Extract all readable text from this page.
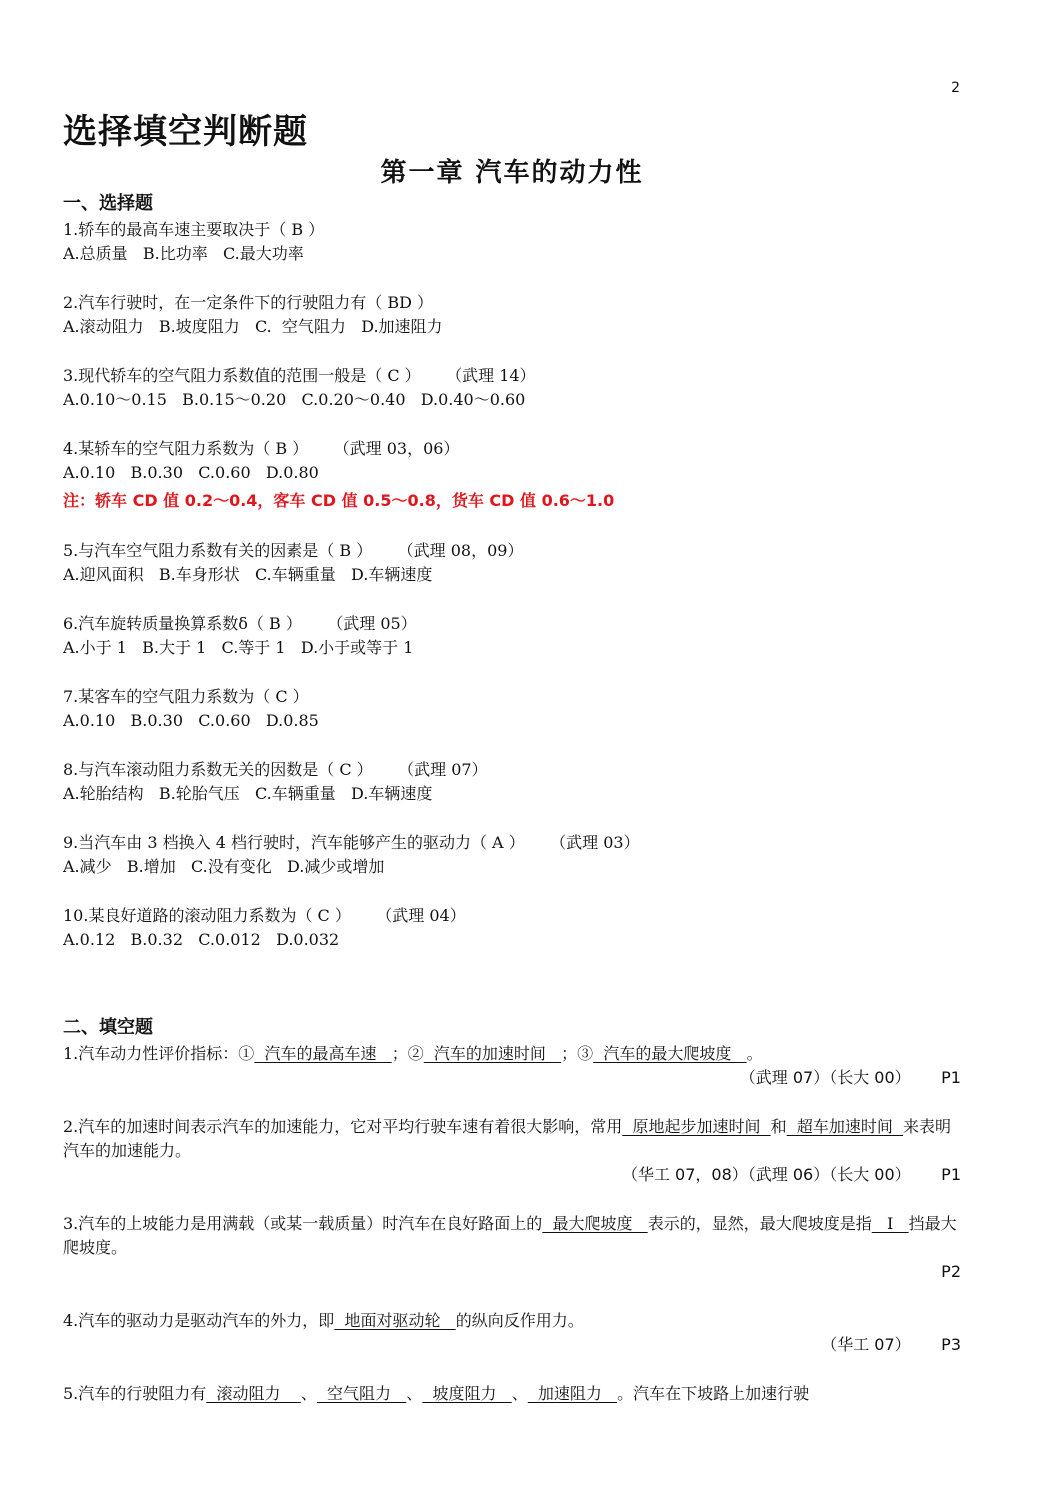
2
选择填空判断题
第一章 汽车的动力性
一、选择题

1.轿车的最高车速主要取决于（ B ）

A.总质量   B.比功率   C.最大功率

2.汽车行驶时，在一定条件下的行驶阻力有（ BD ）

A.滚动阻力   B.坡度阻力   C.  空气阻力   D.加速阻力

3.现代轿车的空气阻力系数值的范围一般是（ C ）     （武理 14）

A.0.10～0.15   B.0.15～0.20   C.0.20～0.40   D.0.40～0.60

4.某轿车的空气阻力系数为（ B ）     （武理 03，06）

A.0.10   B.0.30   C.0.60   D.0.80

注：轿车 CD 值 0.2～0.4，客车 CD 值 0.5～0.8，货车 CD 值 0.6～1.0

5.与汽车空气阻力系数有关的因素是（ B ）     （武理 08，09）

A.迎风面积   B.车身形状   C.车辆重量   D.车辆速度

6.汽车旋转质量换算系数δ（ B ）     （武理 05）

A.小于 1   B.大于 1   C.等于 1   D.小于或等于 1

7.某客车的空气阻力系数为（ C ）

A.0.10   B.0.30   C.0.60   D.0.85

8.与汽车滚动阻力系数无关的因数是（ C ）     （武理 07）

A.轮胎结构   B.轮胎气压   C.车辆重量   D.车辆速度

9.当汽车由 3 档换入 4 档行驶时，汽车能够产生的驱动力（ A ）     （武理 03）

A.减少   B.增加   C.没有变化   D.减少或增加

10.某良好道路的滚动阻力系数为（ C ）     （武理 04）

A.0.12   B.0.32   C.0.012   D.0.032

二、填空题

1.汽车动力性评价指标：①  汽车的最高车速   ；②  汽车的加速时间   ；③  汽车的最大爬坡度   。

（武理 07）（长大 00）      P1

2.汽车的加速时间表示汽车的加速能力，它对平均行驶车速有着很大影响，常用  原地起步加速时间  和  超车加速时间  来表明汽车的加速能力。

（华工 07，08）（武理 06）（长大 00）      P1

3.汽车的上坡能力是用满载（或某一载质量）时汽车在良好路面上的  最大爬坡度   表示的，显然，最大爬坡度是指   I   挡最大爬坡度。

P2

4.汽车的驱动力是驱动汽车的外力，即  地面对驱动轮   的纵向反作用力。

（华工 07）      P3

5.汽车的行驶阻力有  滚动阻力    、  空气阻力   、  坡度阻力   、  加速阻力   。汽车在下坡路上加速行驶
